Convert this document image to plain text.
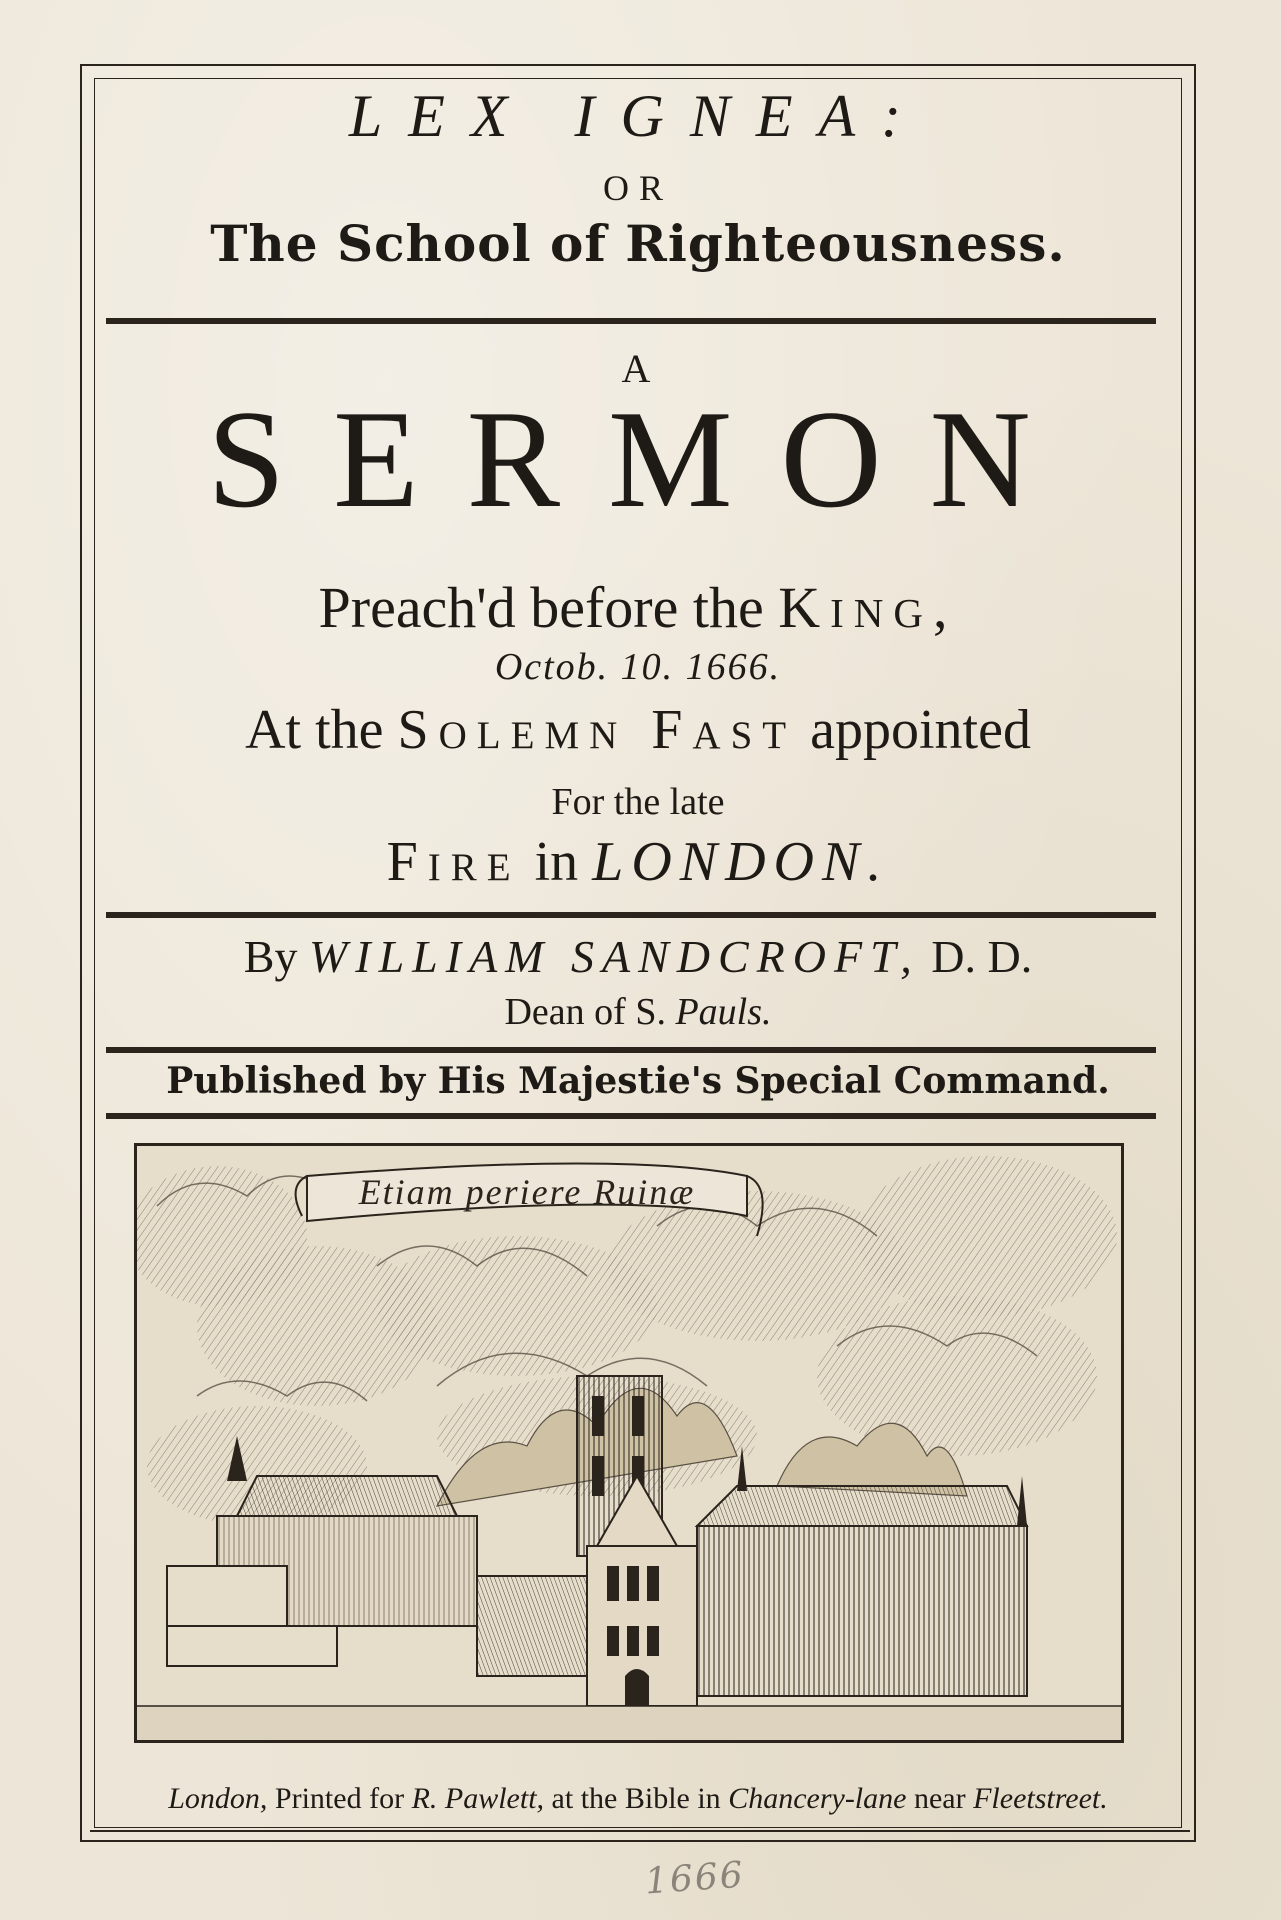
LEX IGNEA:
OR
The School of Righteousness.
A
SERMON
Preach'd before the King,
Octob. 10. 1666.
At the Solemn Fast appointed
For the late
Fire in LONDON.
By WILLIAM SANDCROFT, D. D.
Dean of S. Pauls.
Published by His Majestie's Special Command.
Etiam periere Ruinæ
London, Printed for R. Pawlett, at the Bible in Chancery-lane near Fleetstreet.
1666
